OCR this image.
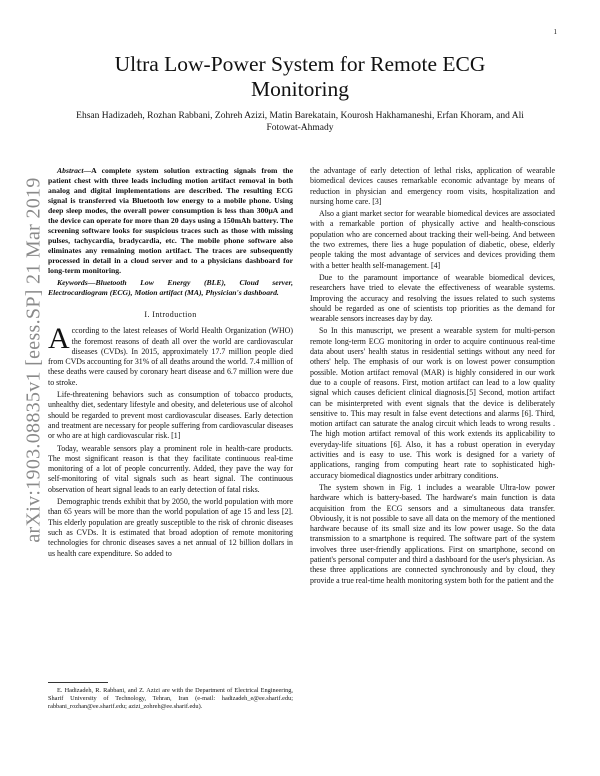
1
arXiv:1903.08835v1 [eess.SP] 21 Mar 2019
Ultra Low-Power System for Remote ECG Monitoring

Ehsan Hadizadeh, Rozhan Rabbani, Zohreh Azizi, Matin Barekatain, Kourosh Hakhamaneshi, Erfan Khoram, and Ali Fotowat-Ahmady

Abstract—A complete system solution extracting signals from the patient chest with three leads including motion artifact removal in both analog and digital implementations are described. The resulting ECG signal is transferred via Bluetooth low energy to a mobile phone. Using deep sleep modes, the overall power consumption is less than 300µA and the device can operate for more than 20 days using a 150mAh battery. The screening software looks for suspicious traces such as those with missing pulses, tachycardia, bradycardia, etc. The mobile phone software also eliminates any remaining motion artifact. The traces are subsequently processed in detail in a cloud server and to a physicians dashboard for long-term monitoring.

Keywords—Bluetooth Low Energy (BLE), Cloud server, Electrocardiogram (ECG), Motion artifact (MA), Physician's dashboard.

I. Introduction

According to the latest releases of World Health Organization (WHO) the foremost reasons of death all over the world are cardiovascular diseases (CVDs). In 2015, approximately 17.7 million people died from CVDs accounting for 31% of all deaths around the world. 7.4 million of these deaths were caused by coronary heart disease and 6.7 million were due to stroke.

Life-threatening behaviors such as consumption of tobacco products, unhealthy diet, sedentary lifestyle and obesity, and deleterious use of alcohol should be regarded to prevent most cardiovascular diseases. Early detection and treatment are necessary for people suffering from cardiovascular diseases or who are at high cardiovascular risk. [1]

Today, wearable sensors play a prominent role in health-care products. The most significant reason is that they facilitate continuous real-time monitoring of a lot of people concurrently. Added, they pave the way for self-monitoring of vital signals such as heart signal. The continuous observation of heart signal leads to an early detection of fatal risks.

Demographic trends exhibit that by 2050, the world population with more than 65 years will be more than the world population of age 15 and less [2]. This elderly population are greatly susceptible to the risk of chronic diseases such as CVDs. It is estimated that broad adoption of remote monitoring technologies for chronic diseases saves a net annual of 12 billion dollars in us health care expenditure. So added to

E. Hadizadeh, R. Rabbani, and Z. Azizi are with the Department of Electrical Engineering, Sharif University of Technology, Tehran, Iran (e-mail: hadizadeh_e@ee.sharif.edu; rabbani_rozhan@ee.sharif.edu; azizi_zohreh@ee.sharif.edu).

the advantage of early detection of lethal risks, application of wearable biomedical devices causes remarkable economic advantage by means of reduction in physician and emergency room visits, hospitalization and nursing home care. [3]

Also a giant market sector for wearable biomedical devices are associated with a remarkable portion of physically active and health-conscious population who are concerned about tracking their well-being. And between the two extremes, there lies a huge population of diabetic, obese, elderly people taking the most advantage of services and devices providing them with a better health self-management. [4]

Due to the paramount importance of wearable biomedical devices, researchers have tried to elevate the effectiveness of wearable systems. Improving the accuracy and resolving the issues related to such systems should be regarded as one of scientists top priorities as the demand for wearable sensors increases day by day.

So In this manuscript, we present a wearable system for multi-person remote long-term ECG monitoring in order to acquire continuous real-time data about users' health status in residential settings without any need for others' help. The emphasis of our work is on lowest power consumption possible. Motion artifact removal (MAR) is highly considered in our work due to a couple of reasons. First, motion artifact can lead to a low quality signal which causes deficient clinical diagnosis.[5] Second, motion artifact can be misinterpreted with event signals that the device is deliberately sensitive to. This may result in false event detections and alarms [6]. Third, motion artifact can saturate the analog circuit which leads to wrong results . The high motion artifact removal of this work extends its applicability to everyday-life situations [6]. Also, it has a robust operation in everyday activities and is easy to use. This work is designed for a variety of applications, ranging from computing heart rate to sophisticated high-accuracy biomedical diagnostics under arbitrary conditions.

The system shown in Fig. 1 includes a wearable Ultra-low power hardware which is battery-based. The hardware's main function is data acquisition from the ECG sensors and a simultaneous data transfer. Obviously, it is not possible to save all data on the memory of the mentioned hardware because of its small size and its low power usage. So the data transmission to a smartphone is required. The software part of the system involves three user-friendly applications. First on smartphone, second on patient's personal computer and third a dashboard for the user's physician. As these three applications are connected synchronously and by cloud, they provide a true real-time health monitoring system both for the patient and the
